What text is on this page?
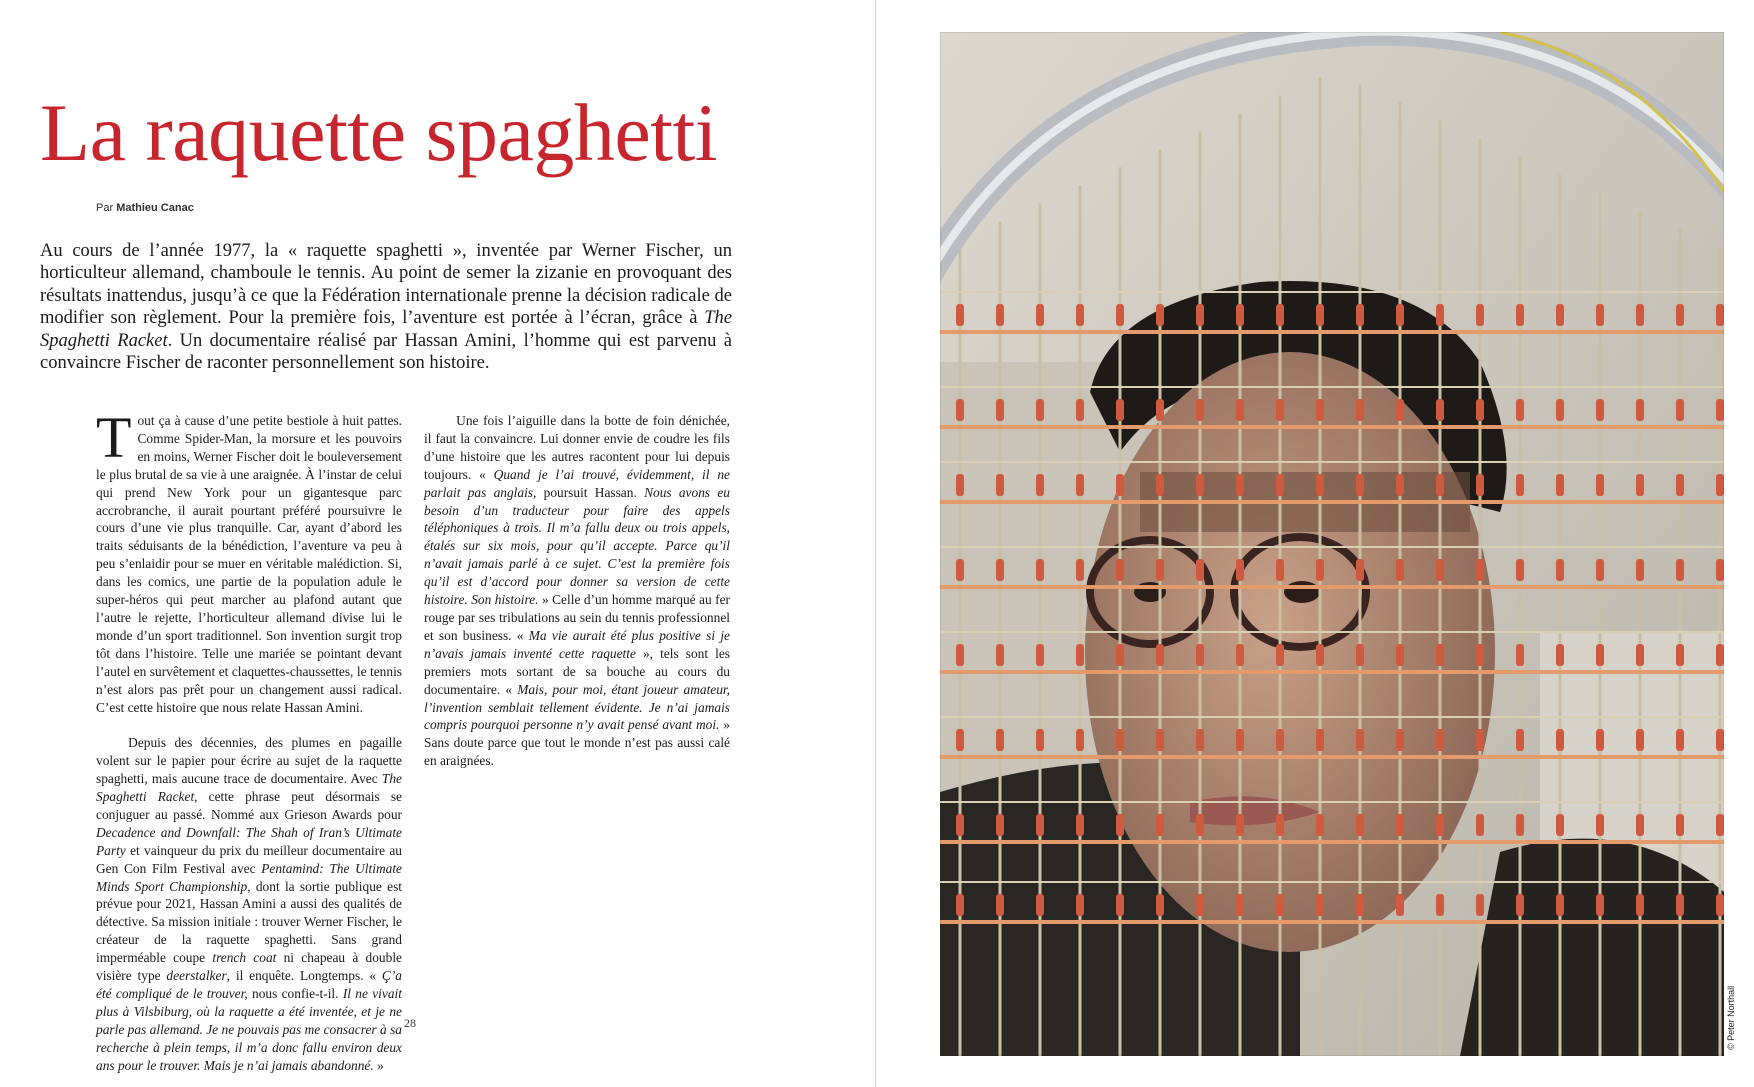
La raquette spaghetti
Par Mathieu Canac

Au cours de l’année 1977, la « raquette spaghetti », inventée par Werner Fischer, un horticulteur allemand, chamboule le tennis. Au point de semer la zizanie en provoquant des résultats inattendus, jusqu’à ce que la Fédération internationale prenne la décision radicale de modifier son règlement. Pour la première fois, l’aventure est portée à l’écran, grâce à The Spaghetti Racket. Un documentaire réalisé par Hassan Amini, l’homme qui est parvenu à convaincre Fischer de raconter personnellement son histoire.

Tout ça à cause d’une petite bestiole à huit pattes. Comme Spider-Man, la morsure et les pouvoirs en moins, Werner Fischer doit le bouleversement le plus brutal de sa vie à une araignée. À l’instar de celui qui prend New York pour un gigantesque parc accrobranche, il aurait pourtant préféré poursuivre le cours d’une vie plus tranquille. Car, ayant d’abord les traits séduisants de la bénédiction, l’aventure va peu à peu s’enlaidir pour se muer en véritable malédiction. Si, dans les comics, une partie de la population adule le super-héros qui peut marcher au plafond autant que l’autre le rejette, l’horticulteur allemand divise lui le monde d’un sport traditionnel. Son invention surgit trop tôt dans l’histoire. Telle une mariée se pointant devant l’autel en survêtement et claquettes-chaussettes, le tennis n’est alors pas prêt pour un changement aussi radical. C’est cette histoire que nous relate Hassan Amini.

Depuis des décennies, des plumes en pagaille volent sur le papier pour écrire au sujet de la raquette spaghetti, mais aucune trace de documentaire. Avec The Spaghetti Racket, cette phrase peut désormais se conjuguer au passé. Nommé aux Grieson Awards pour Decadence and Downfall: The Shah of Iran’s Ultimate Party et vainqueur du prix du meilleur documentaire au Gen Con Film Festival avec Pentamind: The Ultimate Minds Sport Championship, dont la sortie publique est prévue pour 2021, Hassan Amini a aussi des qualités de détective. Sa mission initiale : trouver Werner Fischer, le créateur de la raquette spaghetti. Sans grand imperméable coupe trench coat ni chapeau à double visière type deerstalker, il enquête. Longtemps. « Ç’a été compliqué de le trouver, nous confie-t-il. Il ne vivait plus à Vilsbiburg, où la raquette a été inventée, et je ne parle pas allemand. Je ne pouvais pas me consacrer à sa recherche à plein temps, il m’a donc fallu environ deux ans pour le trouver. Mais je n’ai jamais abandonné. »

Une fois l’aiguille dans la botte de foin dénichée, il faut la convaincre. Lui donner envie de coudre les fils d’une histoire que les autres racontent pour lui depuis toujours. « Quand je l’ai trouvé, évidemment, il ne parlait pas anglais, poursuit Hassan. Nous avons eu besoin d’un traducteur pour faire des appels téléphoniques à trois. Il m’a fallu deux ou trois appels, étalés sur six mois, pour qu’il accepte. Parce qu’il n’avait jamais parlé à ce sujet. C’est la première fois qu’il est d’accord pour donner sa version de cette histoire. Son histoire. » Celle d’un homme marqué au fer rouge par ses tribulations au sein du tennis professionnel et son business. « Ma vie aurait été plus positive si je n’avais jamais inventé cette raquette », tels sont les premiers mots sortant de sa bouche au cours du documentaire. « Mais, pour moi, étant joueur amateur, l’invention semblait tellement évidente. Je n’ai jamais compris pourquoi personne n’y avait pensé avant moi. » Sans doute parce que tout le monde n’est pas aussi calé en araignées.

28	© Peter Northall
